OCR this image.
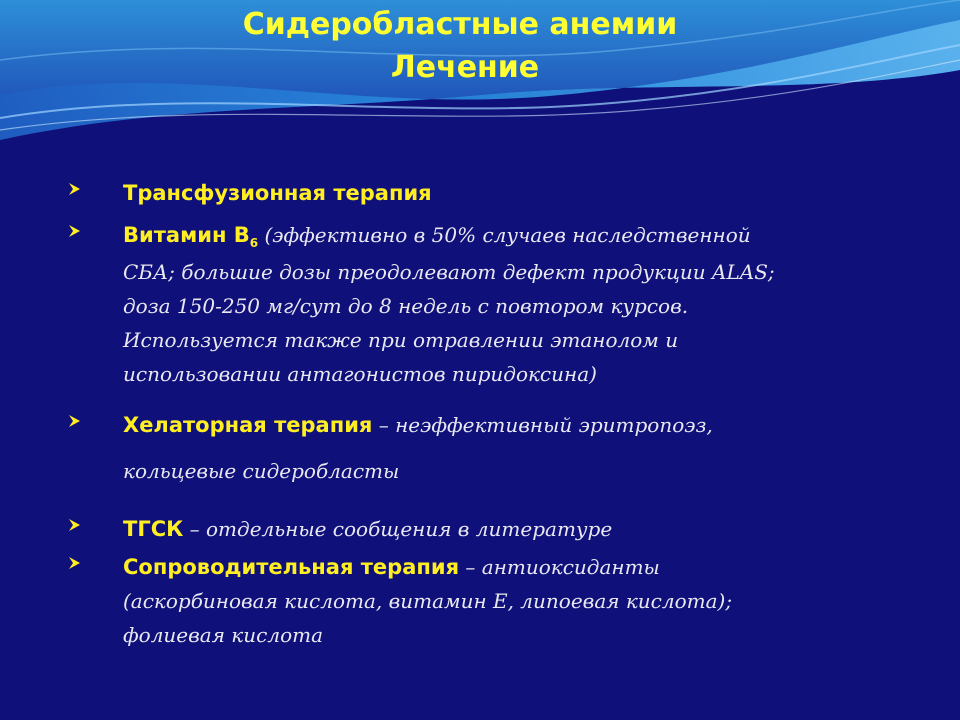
Сидеробластные анемии
Лечение
Трансфузионная терапия
Витамин $В_6$ (эффективно в 50% случаев наследственной
СБА; большие дозы преодолевают дефект продукции ALAS;
доза 150-250 мг/сут до 8 недель с повтором курсов.
Используется также при отравлении этанолом и
использовании антагонистов пиридоксина)
Хелаторная терапия – неэффективный эритропоэз,
кольцевые сидеробласты
ТГСК – отдельные сообщения в литературе
Сопроводительная терапия – антиоксиданты
(аскорбиновая кислота, витамин Е, липоевая кислота);
фолиевая кислота
